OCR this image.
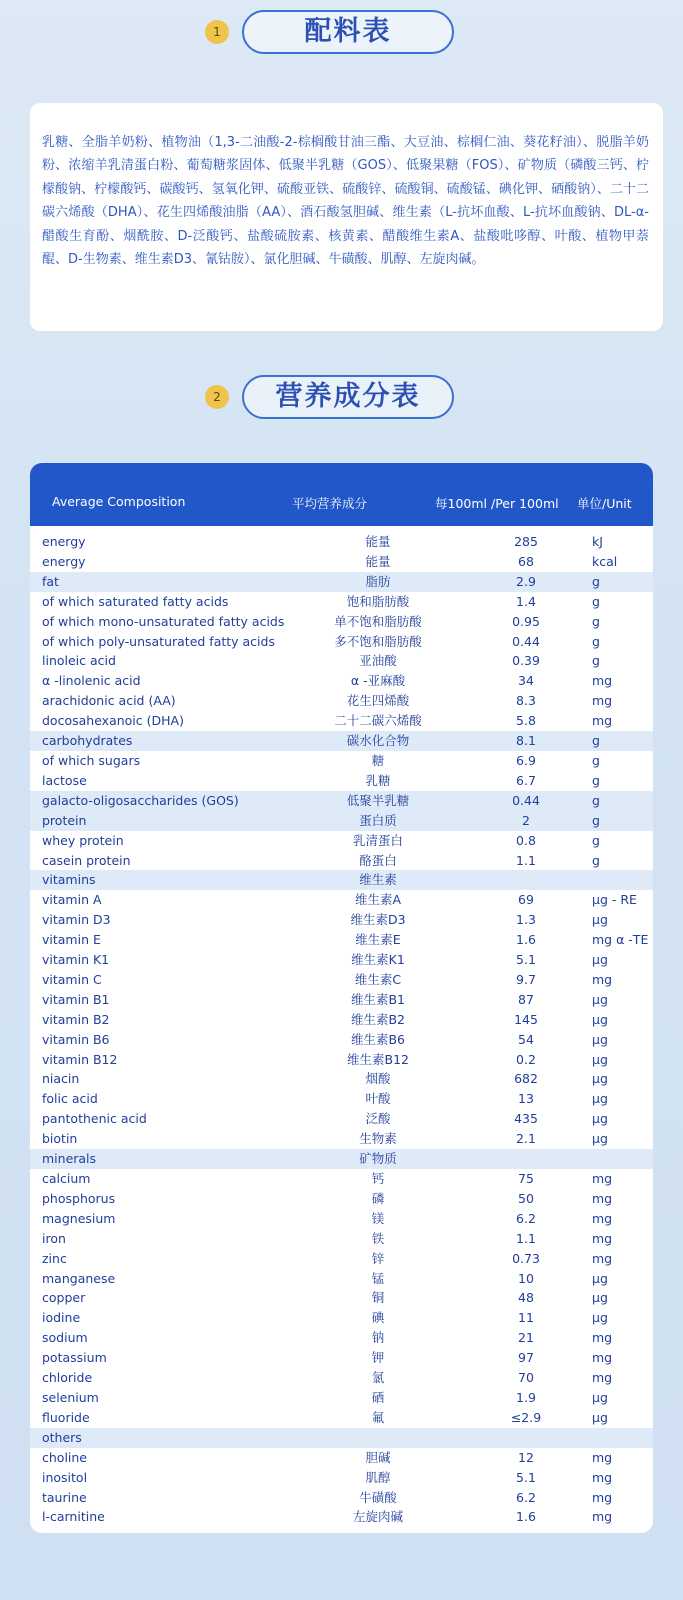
1	配料表

乳糖、全脂羊奶粉、植物油（1,3-二油酸-2-棕榈酸甘油三酯、大豆油、棕榈仁油、葵花籽油）、脱脂羊奶粉、浓缩羊乳清蛋白粉、葡萄糖浆固体、低聚半乳糖（GOS）、低聚果糖（FOS）、矿物质（磷酸三钙、柠檬酸钠、柠檬酸钙、碳酸钙、氢氧化钾、硫酸亚铁、硫酸锌、硫酸铜、硫酸锰、碘化钾、硒酸钠）、二十二碳六烯酸（DHA）、花生四烯酸油脂（AA）、酒石酸氢胆碱、维生素（L-抗坏血酸、L-抗坏血酸钠、DL-α-醋酸生育酚、烟酰胺、D-泛酸钙、盐酸硫胺素、核黄素、醋酸维生素A、盐酸吡哆醇、叶酸、植物甲萘醌、D-生物素、维生素D3、氰钴胺）、氯化胆碱、牛磺酸、肌醇、左旋肉碱。

2	营养成分表
Average Composition	平均营养成分	每100ml /Per 100ml 单位/Unit
energy	能量	285	kJ
energy	能量	68	kcal
fat	脂肪	2.9	g
of which saturated fatty acids	饱和脂肪酸	1.4	g
of which mono-unsaturated fatty acids	单不饱和脂肪酸	0.95	g
of which poly-unsaturated fatty acids	多不饱和脂肪酸	0.44	g
linoleic acid	亚油酸	0.39	g
α -linolenic acid	α -亚麻酸	34	mg
arachidonic acid (AA)	花生四烯酸	8.3	mg
docosahexanoic (DHA)	二十二碳六烯酸	5.8	mg
carbohydrates	碳水化合物	8.1	g
of which sugars	糖	6.9	g
lactose	乳糖	6.7	g
galacto-oligosaccharides (GOS)	低聚半乳糖	0.44	g
protein	蛋白质	2	g
whey protein	乳清蛋白	0.8	g
casein protein	酪蛋白	1.1	g
vitamins	维生素
vitamin A	维生素A	69	μg - RE
vitamin D3	维生素D3	1.3	μg
vitamin E	维生素E	1.6	mg α -TE
vitamin K1	维生素K1	5.1	μg
vitamin C	维生素C	9.7	mg
vitamin B1	维生素B1	87	μg
vitamin B2	维生素B2	145	μg
vitamin B6	维生素B6	54	μg
vitamin B12	维生素B12	0.2	μg
niacin	烟酸	682	μg
folic acid	叶酸	13	μg
pantothenic acid	泛酸	435	μg
biotin	生物素	2.1	μg
minerals	矿物质
calcium	钙	75	mg
phosphorus	磷	50	mg
magnesium	镁	6.2	mg
iron	铁	1.1	mg
zinc	锌	0.73	mg
manganese	锰	10	μg
copper	铜	48	μg
iodine	碘	11	μg
sodium	钠	21	mg
potassium	钾	97	mg
chloride	氯	70	mg
selenium	硒	1.9	μg
fluoride	氟	≤2.9	μg
others
choline	胆碱	12	mg
inositol	肌醇	5.1	mg
taurine	牛磺酸	6.2	mg
l-carnitine	左旋肉碱	1.6	mg
